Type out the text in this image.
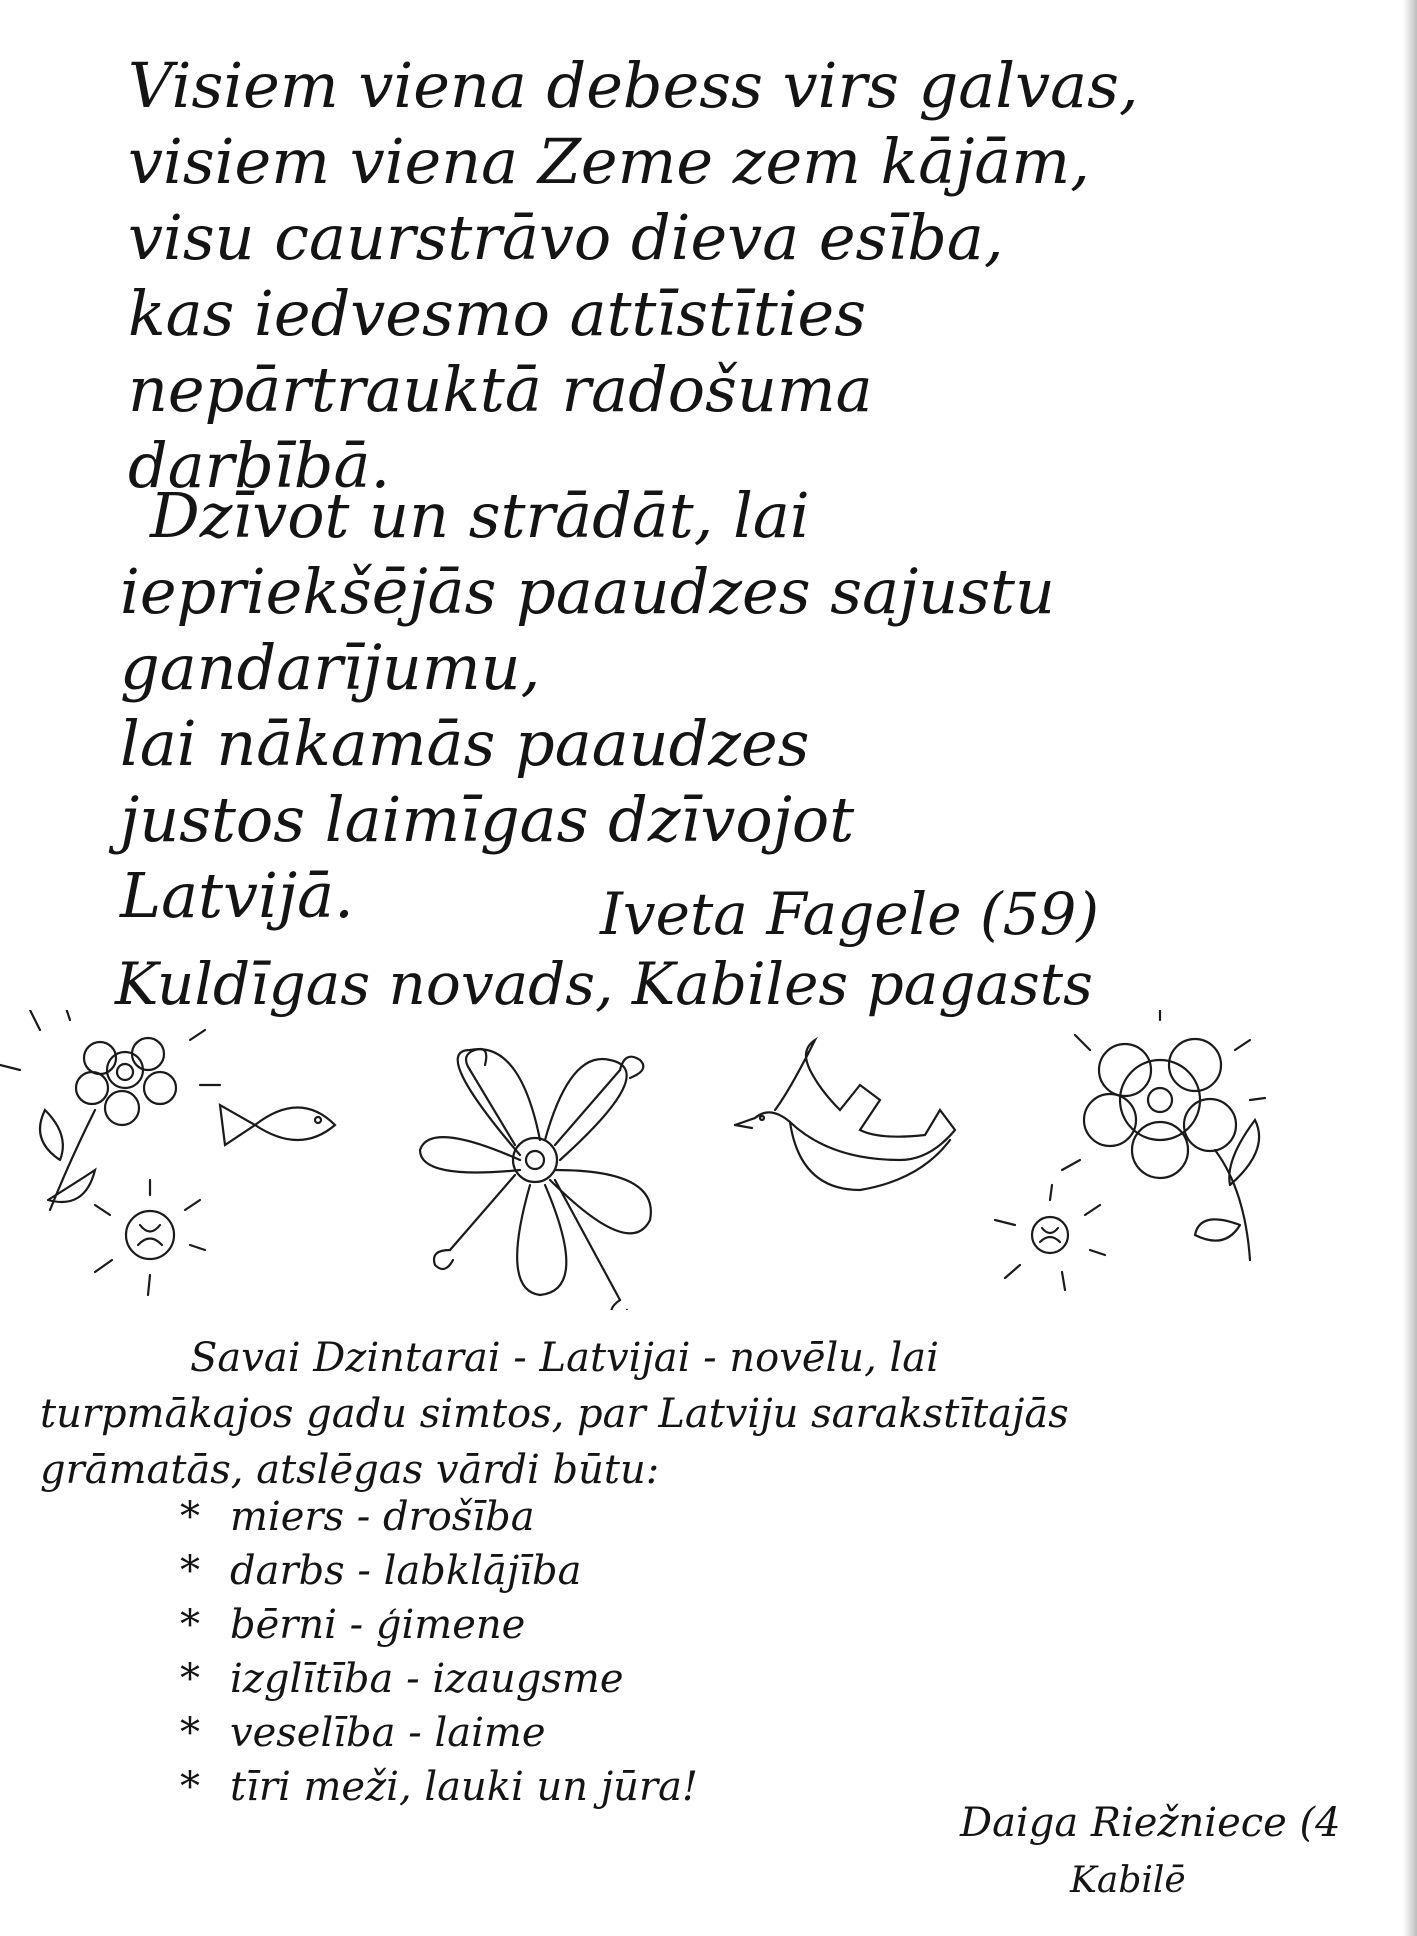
Visiem viena debess virs galvas,
visiem viena Zeme zem kājām,
visu caurstrāvo dieva esība,
kas iedvesmo attīstīties
nepārtrauktā radošuma
darbībā.
Dzīvot un strādāt, lai
iepriekšējās paaudzes sajustu
gandarījumu,
lai nākamās paaudzes
justos laimīgas dzīvojot
Latvijā.	Iveta Fagele (59)
Kuldīgas novads, Kabiles pagasts
Savai Dzintarai - Latvijai - novēlu, lai
turpmākajos gadu simtos, par Latviju sarakstītajās
grāmatās, atslēgas vārdi būtu:
* miers - drošība
* darbs - labklājība
* bērni - ģimene
* izglītība - izaugsme
* veselība - laime
* tīri meži, lauki un jūra!
Daiga Riežniece (4
Kabilē
